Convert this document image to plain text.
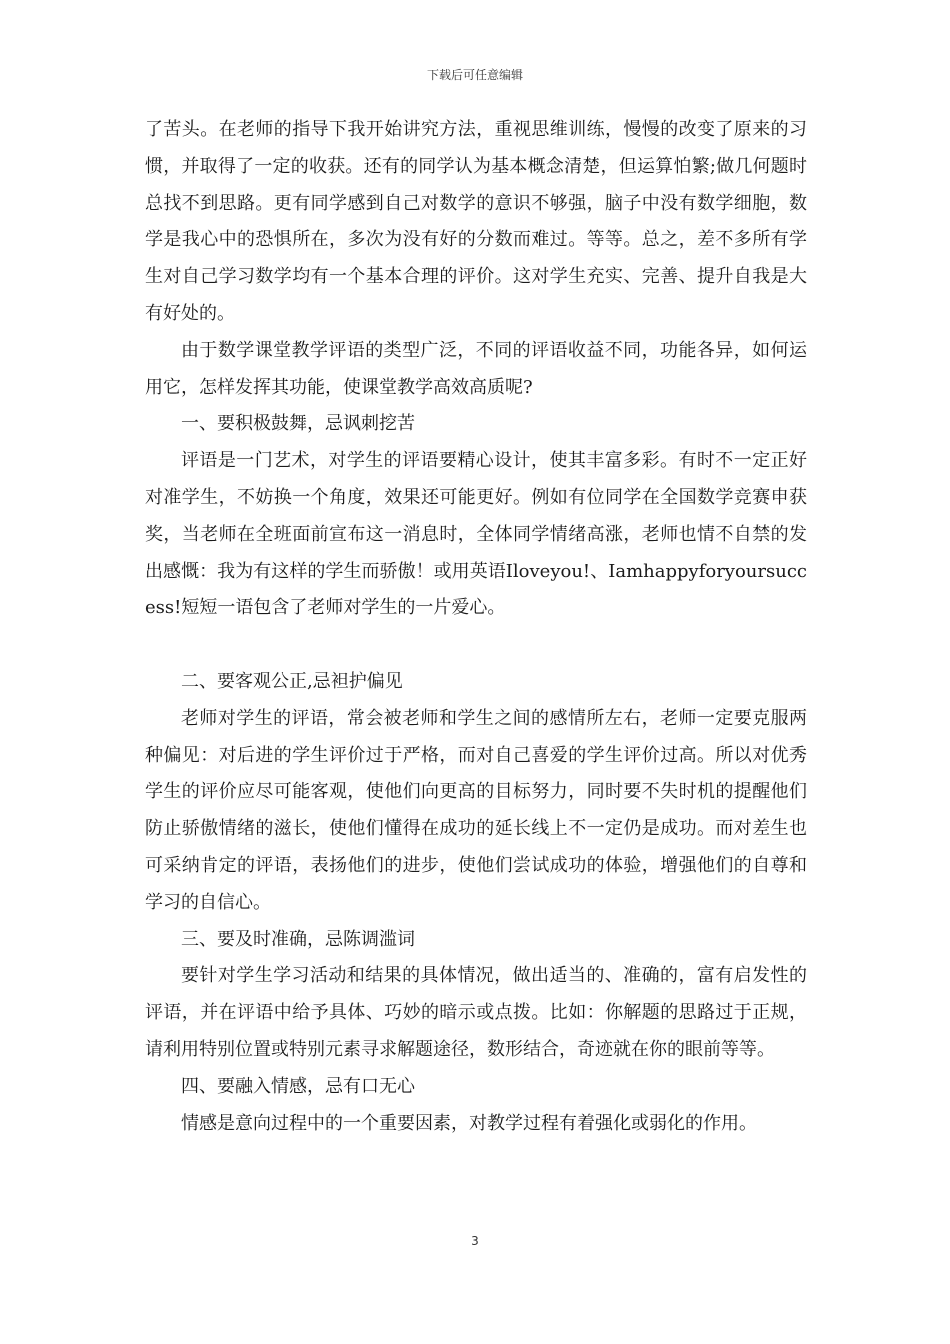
下载后可任意编辑

了苦头。在老师的指导下我开始讲究方法，重视思维训练，慢慢的改变了原来的习惯，并取得了一定的收获。还有的同学认为基本概念清楚，但运算怕繁;做几何题时总找不到思路。更有同学感到自己对数学的意识不够强，脑子中没有数学细胞，数学是我心中的恐惧所在，多次为没有好的分数而难过。等等。总之，差不多所有学生对自己学习数学均有一个基本合理的评价。这对学生充实、完善、提升自我是大有好处的。

由于数学课堂教学评语的类型广泛，不同的评语收益不同，功能各异，如何运用它，怎样发挥其功能，使课堂教学高效高质呢?

一、要积极鼓舞，忌讽刺挖苦

评语是一门艺术，对学生的评语要精心设计，使其丰富多彩。有时不一定正好对准学生，不妨换一个角度，效果还可能更好。例如有位同学在全国数学竞赛申获奖，当老师在全班面前宣布这一消息时，全体同学情绪高涨，老师也情不自禁的发出感慨：我为有这样的学生而骄傲！或用英语Iloveyou!、Iamhappyforyoursuccess!短短一语包含了老师对学生的一片爱心。

二、要客观公正,忌袒护偏见

老师对学生的评语，常会被老师和学生之间的感情所左右，老师一定要克服两种偏见：对后进的学生评价过于严格，而对自己喜爱的学生评价过高。所以对优秀学生的评价应尽可能客观，使他们向更高的目标努力，同时要不失时机的提醒他们防止骄傲情绪的滋长，使他们懂得在成功的延长线上不一定仍是成功。而对差生也可采纳肯定的评语，表扬他们的进步，使他们尝试成功的体验，增强他们的自尊和学习的自信心。

三、要及时准确，忌陈调滥词

要针对学生学习活动和结果的具体情况，做出适当的、准确的，富有启发性的评语，并在评语中给予具体、巧妙的暗示或点拨。比如：你解题的思路过于正规，请利用特别位置或特别元素寻求解题途径，数形结合，奇迹就在你的眼前等等。

四、要融入情感，忌有口无心

情感是意向过程中的一个重要因素，对教学过程有着强化或弱化的作用。

3
